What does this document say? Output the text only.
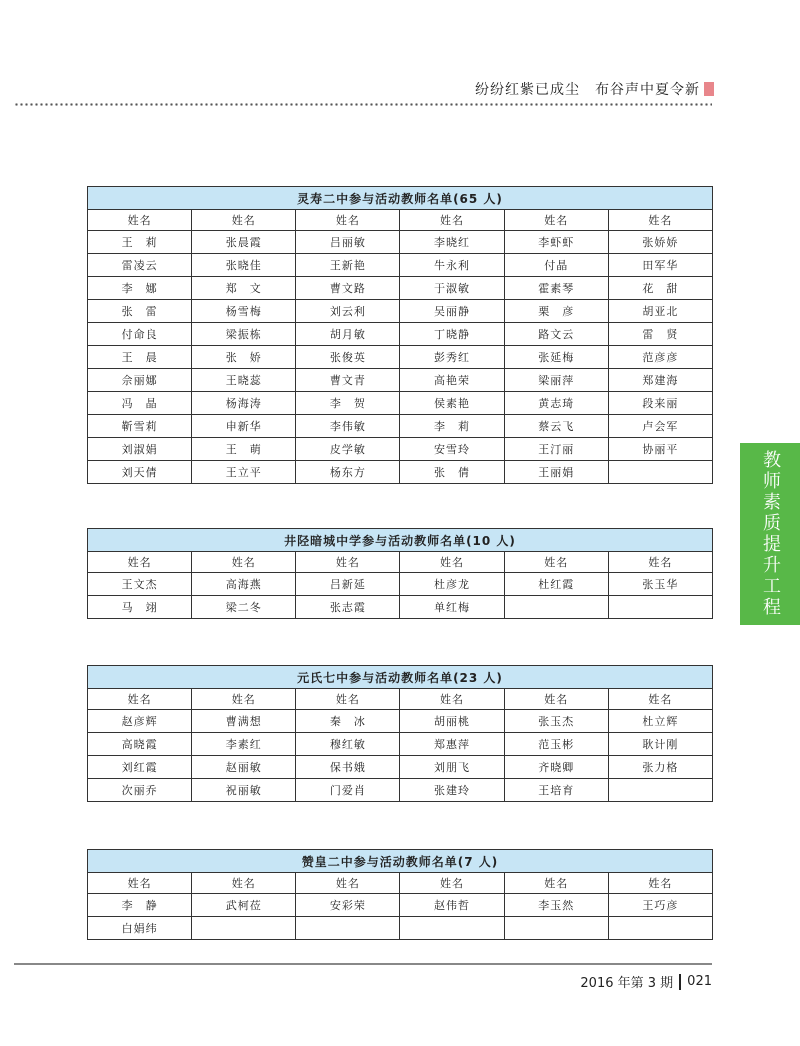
纷纷红紫已成尘　布谷声中夏令新
教师素质提升工程
灵寿二中参与活动教师名单(65 人)					
姓名	姓名	姓名	姓名	姓名	姓名
王　莉	张晨霞	吕丽敏	李晓红	李虾虾	张娇娇
雷凌云	张晓佳	王新艳	牛永利	付晶	田军华
李　娜	郑　文	曹文路	于淑敏	霍素琴	花　甜
张　雷	杨雪梅	刘云利	吴丽静	栗　彦	胡亚北
付命良	梁振栋	胡月敏	丁晓静	路文云	雷　贤
王　晨	张　娇	张俊英	彭秀红	张延梅	范彦彦
佘丽娜	王晓蕊	曹文青	高艳荣	梁丽萍	郑建海
冯　晶	杨海涛	李　贺	侯素艳	黄志琦	段来丽
靳雪莉	申新华	李伟敏	李　莉	蔡云飞	卢会军
刘淑娟	王　萌	皮学敏	安雪玲	王汀丽	协丽平
刘天倩	王立平	杨东方	张　倩	王丽娟	
井陉暗城中学参与活动教师名单(10 人)					
姓名	姓名	姓名	姓名	姓名	姓名
王文杰	高海燕	吕新延	杜彦龙	杜红霞	张玉华
马　翊	梁二冬	张志霞	单红梅		
元氏七中参与活动教师名单(23 人)					
姓名	姓名	姓名	姓名	姓名	姓名
赵彦辉	曹满想	秦　冰	胡丽桃	张玉杰	杜立辉
高晓霞	李素红	穆红敏	郑惠萍	范玉彬	耿计刚
刘红霞	赵丽敏	保书娥	刘朋飞	齐晓卿	张力格
次丽乔	祝丽敏	门爱肖	张建玲	王培育	
赞皇二中参与活动教师名单(7 人)					
姓名	姓名	姓名	姓名	姓名	姓名
李　静	武柯莅	安彩荣	赵伟哲	李玉然	王巧彦
白娟纬					
2016 年第 3 期 021
